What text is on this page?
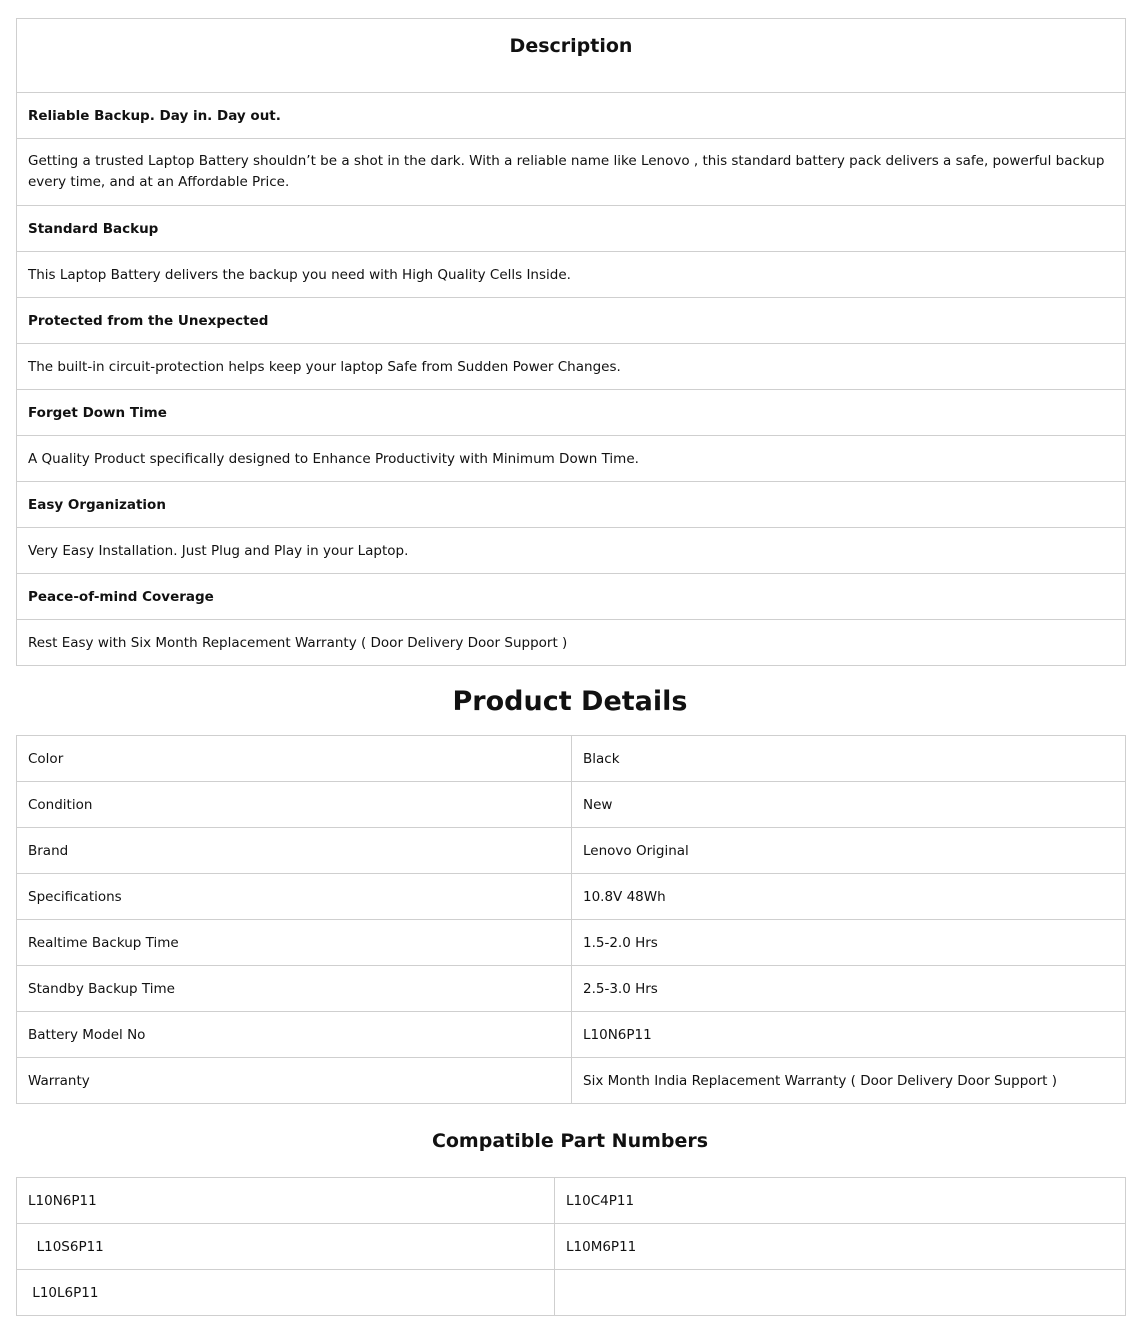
Description
Reliable Backup. Day in. Day out.
Getting a trusted Laptop Battery shouldn’t be a shot in the dark. With a reliable name like Lenovo , this standard battery pack delivers a safe, powerful backup every time, and at an Affordable Price.
Standard Backup
This Laptop Battery delivers the backup you need with High Quality Cells Inside.
Protected from the Unexpected
The built-in circuit-protection helps keep your laptop Safe from Sudden Power Changes.
Forget Down Time
A Quality Product specifically designed to Enhance Productivity with Minimum Down Time.
Easy Organization
Very Easy Installation. Just Plug and Play in your Laptop.
Peace-of-mind Coverage
Rest Easy with Six Month Replacement Warranty ( Door Delivery Door Support )
Product Details
Color	Black
Condition	New
Brand	Lenovo Original
Specifications	10.8V 48Wh
Realtime Backup Time	1.5-2.0 Hrs
Standby Backup Time	2.5-3.0 Hrs
Battery Model No	L10N6P11
Warranty	Six Month India Replacement Warranty ( Door Delivery Door Support )
Compatible Part Numbers
L10N6P11	L10C4P11
L10S6P11	L10M6P11
L10L6P11	
